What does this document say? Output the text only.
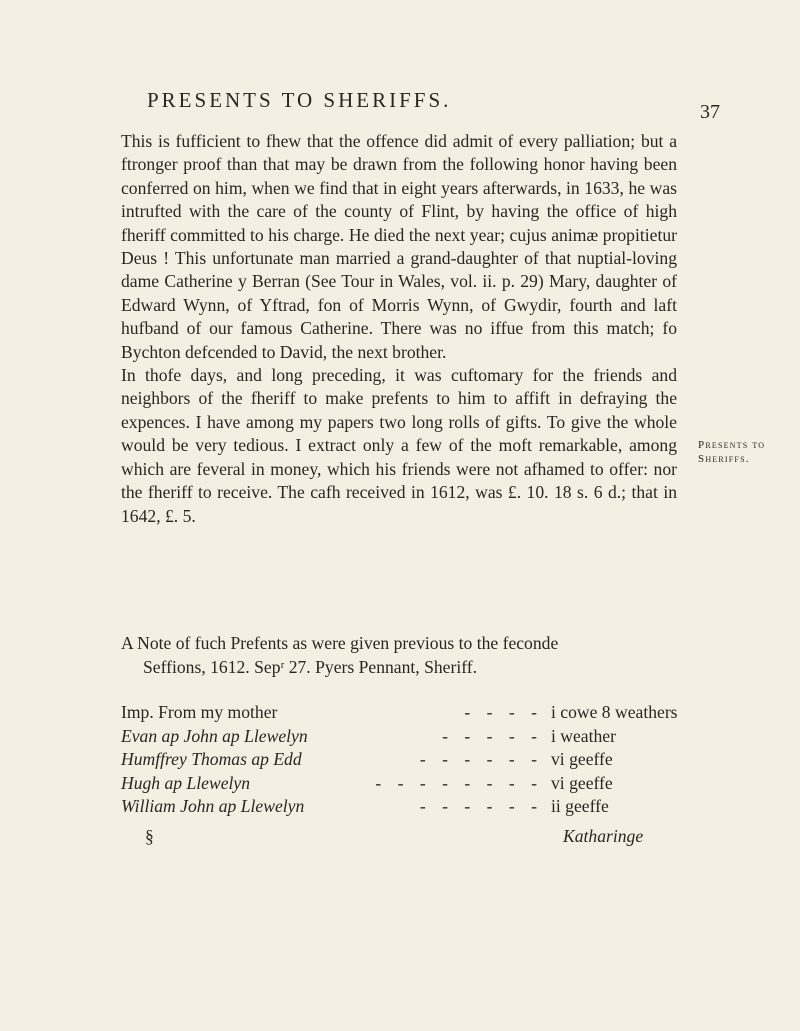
PRESENTS TO SHERIFFS.	37

This is fufficient to fhew that the offence did admit of every palliation; but a ftronger proof than that may be drawn from the following honor having been conferred on him, when we find that in eight years afterwards, in 1633, he was intrufted with the care of the county of Flint, by having the office of high fheriff committed to his charge. He died the next year; cujus animæ propitietur Deus ! This unfortunate man married a grand-daughter of that nuptial-loving dame Catherine y Berran (See Tour in Wales, vol. ii. p. 29) Mary, daughter of Edward Wynn, of Yftrad, fon of Morris Wynn, of Gwydir, fourth and laft hufband of our famous Catherine. There was no iffue from this match; fo Bychton defcended to David, the next brother.

In thofe days, and long preceding, it was cuftomary for the friends and neighbors of the fheriff to make prefents to him to affift in defraying the expences. I have among my papers two long rolls of gifts. To give the whole would be very tedious. I extract only a few of the moft remarkable, among which are feveral in money, which his friends were not afhamed to offer: nor the fheriff to receive. The cafh received in 1612, was £. 10. 18 s. 6 d.; that in 1642, £. 5.

Presents to
Sheriffs.
A Note of fuch Prefents as were given previous to the feconde
Seffions, 1612. Sepʳ 27. Pyers Pennant, Sheriff.
Imp. From my mother	- - - - i cowe 8 weathers
Evan ap John ap Llewelyn	- - - - - i weather
Humffrey Thomas ap Edd	- - - - - - vi geeffe
Hugh ap Llewelyn	- - - - - - - - vi geeffe
William John ap Llewelyn	- - - - - - ii geeffe
§	Katharinge
